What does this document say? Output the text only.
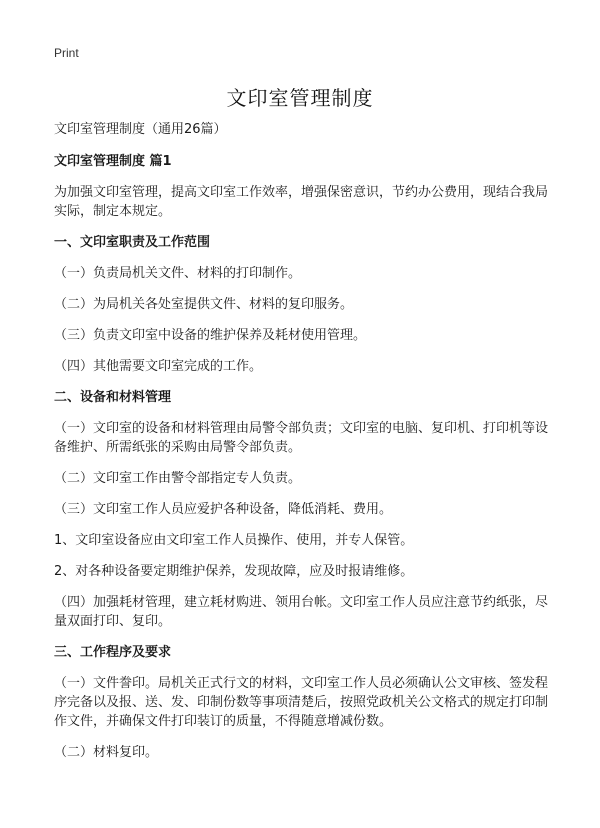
Print
文印室管理制度

文印室管理制度（通用26篇）

文印室管理制度 篇1

为加强文印室管理，提高文印室工作效率，增强保密意识，节约办公费用，现结合我局实际，制定本规定。

一、文印室职责及工作范围

（一）负责局机关文件、材料的打印制作。

（二）为局机关各处室提供文件、材料的复印服务。

（三）负责文印室中设备的维护保养及耗材使用管理。

（四）其他需要文印室完成的工作。

二、设备和材料管理

（一）文印室的设备和材料管理由局警令部负责；文印室的电脑、复印机、打印机等设备维护、所需纸张的采购由局警令部负责。

（二）文印室工作由警令部指定专人负责。

（三）文印室工作人员应爱护各种设备，降低消耗、费用。

1、文印室设备应由文印室工作人员操作、使用，并专人保管。

2、对各种设备要定期维护保养，发现故障，应及时报请维修。

（四）加强耗材管理，建立耗材购进、领用台帐。文印室工作人员应注意节约纸张，尽量双面打印、复印。

三、工作程序及要求

（一）文件誊印。局机关正式行文的材料，文印室工作人员必须确认公文审核、签发程序完备以及报、送、发、印制份数等事项清楚后，按照党政机关公文格式的规定打印制作文件，并确保文件打印装订的质量，不得随意增减份数。

（二）材料复印。
